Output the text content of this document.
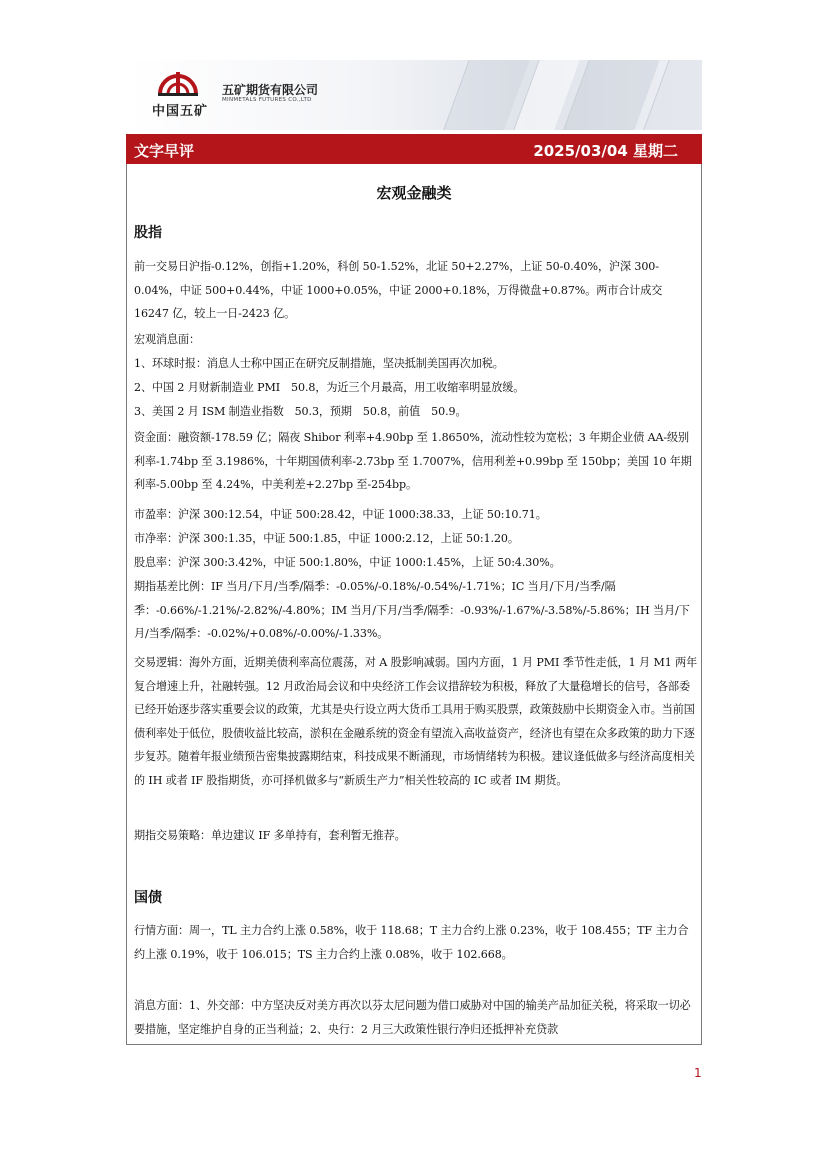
中国五矿
五矿期货有限公司
MINMETALS FUTURES CO.,LTD
文字早评	2025/03/04 星期二
宏观金融类
股指
前一交易日沪指-0.12%，创指+1.20%，科创 50-1.52%，北证 50+2.27%，上证 50-0.40%，沪深 300-0.04%，中证 500+0.44%，中证 1000+0.05%，中证 2000+0.18%，万得微盘+0.87%。两市合计成交 16247 亿，较上一日-2423 亿。
宏观消息面：
1、环球时报：消息人士称中国正在研究反制措施，坚决抵制美国再次加税。
2、中国 2 月财新制造业 PMI　50.8，为近三个月最高，用工收缩率明显放缓。
3、美国 2 月 ISM 制造业指数　50.3，预期　50.8，前值　50.9。
资金面：融资额-178.59 亿；隔夜 Shibor 利率+4.90bp 至 1.8650%，流动性较为宽松；3 年期企业债 AA-级别利率-1.74bp 至 3.1986%，十年期国债利率-2.73bp 至 1.7007%，信用利差+0.99bp 至 150bp；美国 10 年期利率-5.00bp 至 4.24%，中美利差+2.27bp 至-254bp。
市盈率：沪深 300:12.54，中证 500:28.42，中证 1000:38.33，上证 50:10.71。
市净率：沪深 300:1.35，中证 500:1.85，中证 1000:2.12，上证 50:1.20。
股息率：沪深 300:3.42%，中证 500:1.80%，中证 1000:1.45%，上证 50:4.30%。
期指基差比例：IF 当月/下月/当季/隔季：-0.05%/-0.18%/-0.54%/-1.71%；IC 当月/下月/当季/隔季：-0.66%/-1.21%/-2.82%/-4.80%；IM 当月/下月/当季/隔季：-0.93%/-1.67%/-3.58%/-5.86%；IH 当月/下月/当季/隔季：-0.02%/+0.08%/-0.00%/-1.33%。
交易逻辑：海外方面，近期美债利率高位震荡，对 A 股影响减弱。国内方面，1 月 PMI 季节性走低，1 月 M1 两年复合增速上升，社融转强。12 月政治局会议和中央经济工作会议措辞较为积极，释放了大量稳增长的信号，各部委已经开始逐步落实重要会议的政策，尤其是央行设立两大货币工具用于购买股票，政策鼓励中长期资金入市。当前国债利率处于低位，股债收益比较高，淤积在金融系统的资金有望流入高收益资产，经济也有望在众多政策的助力下逐步复苏。随着年报业绩预告密集披露期结束，科技成果不断涌现，市场情绪转为积极。建议逢低做多与经济高度相关的 IH 或者 IF 股指期货，亦可择机做多与“新质生产力”相关性较高的 IC 或者 IM 期货。
期指交易策略：单边建议 IF 多单持有，套利暂无推荐。
国债
行情方面：周一，TL 主力合约上涨 0.58%，收于 118.68；T 主力合约上涨 0.23%，收于 108.455；TF 主力合约上涨 0.19%，收于 106.015；TS 主力合约上涨 0.08%，收于 102.668。
消息方面：1、外交部：中方坚决反对美方再次以芬太尼问题为借口威胁对中国的输美产品加征关税，将采取一切必要措施，坚定维护自身的正当利益；2、央行：2 月三大政策性银行净归还抵押补充贷款
1
